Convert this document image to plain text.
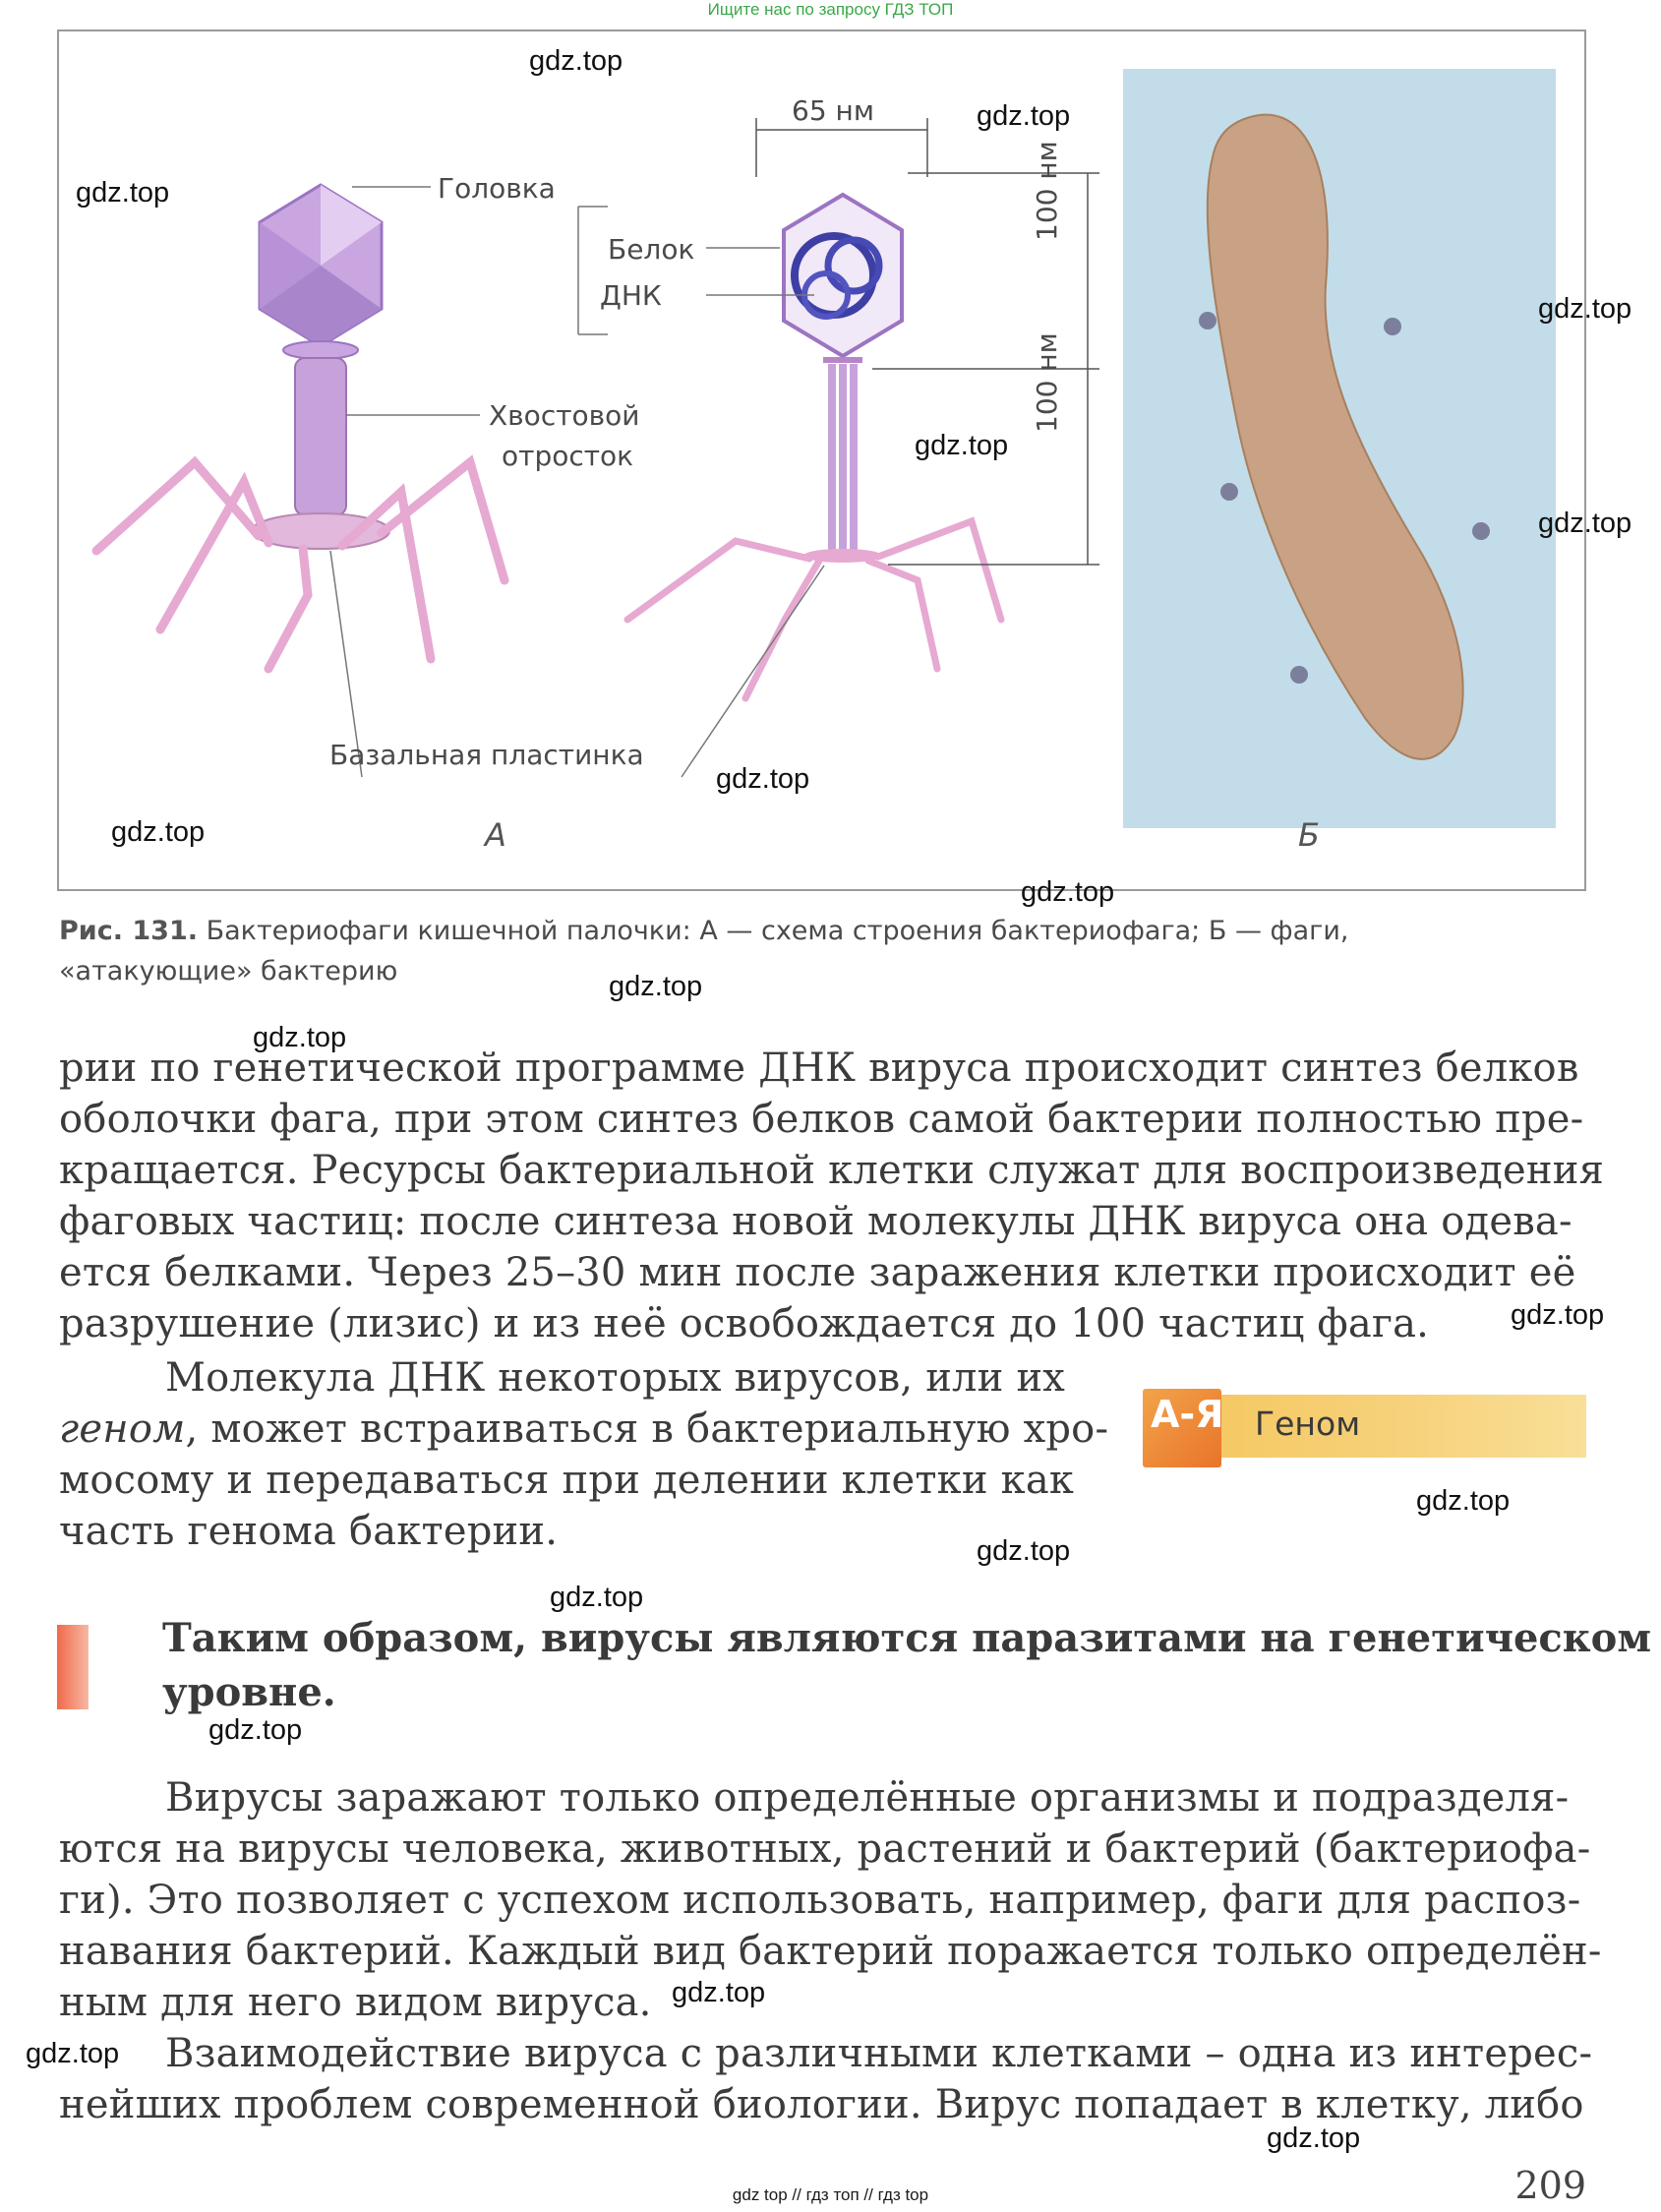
Ищите нас по запросу ГДЗ ТОП
Головка
Белок
ДНК
Хвостовой
отросток
Базальная пластинка
65 нм
100 нм
100 нм
А	Б
Рис. 131. Бактериофаги кишечной палочки: А — схема строения бактериофага; Б — фаги,
«атакующие» бактерию
рии по генетической программе ДНК вируса происходит синтез белков
оболочки фага, при этом синтез белков самой бактерии полностью пре-
кращается. Ресурсы бактериальной клетки служат для воспроизведения
фаговых частиц: после синтеза новой молекулы ДНК вируса она одева-
ется белками. Через 25–30 мин после заражения клетки происходит её
разрушение (лизис) и из неё освобождается до 100 частиц фага.
Молекула ДНК некоторых вирусов, или их
геном, может встраиваться в бактериальную хро-
мосому и передаваться при делении клетки как
часть генома бактерии.
А-Я Геном
Таким образом, вирусы являются паразитами на генетическом
уровне.
Вирусы заражают только определённые организмы и подразделя-
ются на вирусы человека, животных, растений и бактерий (бактериофа-
ги). Это позволяет с успехом использовать, например, фаги для распоз-
навания бактерий. Каждый вид бактерий поражается только определён-
ным для него видом вируса.
Взаимодействие вируса с различными клетками – одна из интерес-
нейших проблем современной биологии. Вирус попадает в клетку, либо
gdz.top
gdz.top
gdz.top
gdz.top
gdz.top
gdz.top
gdz.top
gdz.top
gdz.top
gdz.top
gdz.top
gdz.top
gdz.top
gdz.top
gdz.top
gdz.top
gdz.top
gdz.top
gdz.top
209
gdz top // гдз топ // гдз top
